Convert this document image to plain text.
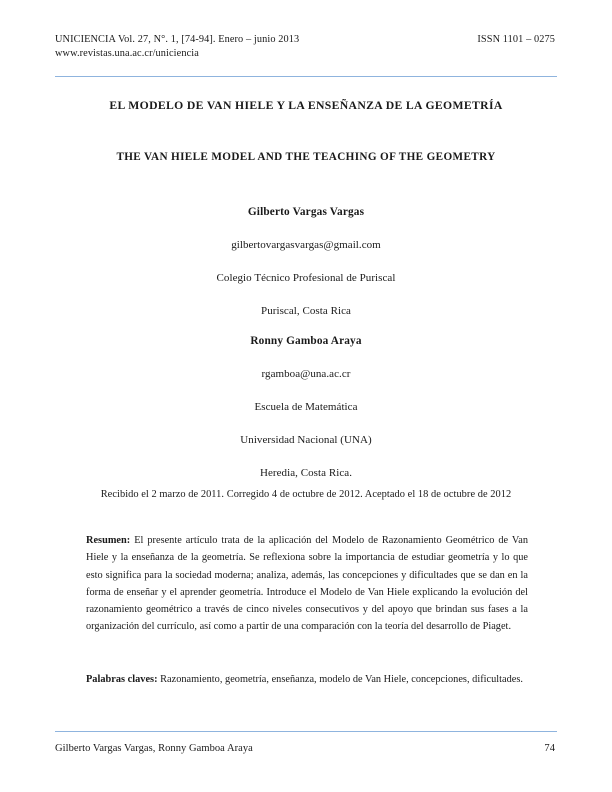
UNICIENCIA Vol. 27, N°. 1, [74-94]. Enero – junio 2013	ISSN 1101 – 0275
www.revistas.una.ac.cr/uniciencia
EL MODELO DE VAN HIELE Y LA ENSEÑANZA DE LA GEOMETRÍA
THE VAN HIELE MODEL AND THE TEACHING OF THE GEOMETRY
Gilberto Vargas Vargas
gilbertovargasvargas@gmail.com
Colegio Técnico Profesional de Puriscal
Puriscal, Costa Rica
Ronny Gamboa Araya
rgamboa@una.ac.cr
Escuela de Matemática
Universidad Nacional (UNA)
Heredia, Costa Rica.
Recibido el 2 marzo de 2011. Corregido 4 de octubre de 2012. Aceptado el 18 de octubre de 2012
Resumen: El presente artículo trata de la aplicación del Modelo de Razonamiento Geométrico de Van Hiele y la enseñanza de la geometría. Se reflexiona sobre la importancia de estudiar geometría y lo que esto significa para la sociedad moderna; analiza, además, las concepciones y dificultades que se dan en la forma de enseñar y el aprender geometría. Introduce el Modelo de Van Hiele explicando la evolución del razonamiento geométrico a través de cinco niveles consecutivos y del apoyo que brindan sus fases a la organización del currículo, así como a partir de una comparación con la teoría del desarrollo de Piaget.
Palabras claves: Razonamiento, geometría, enseñanza, modelo de Van Hiele, concepciones, dificultades.
Gilberto Vargas Vargas, Ronny Gamboa Araya	74
